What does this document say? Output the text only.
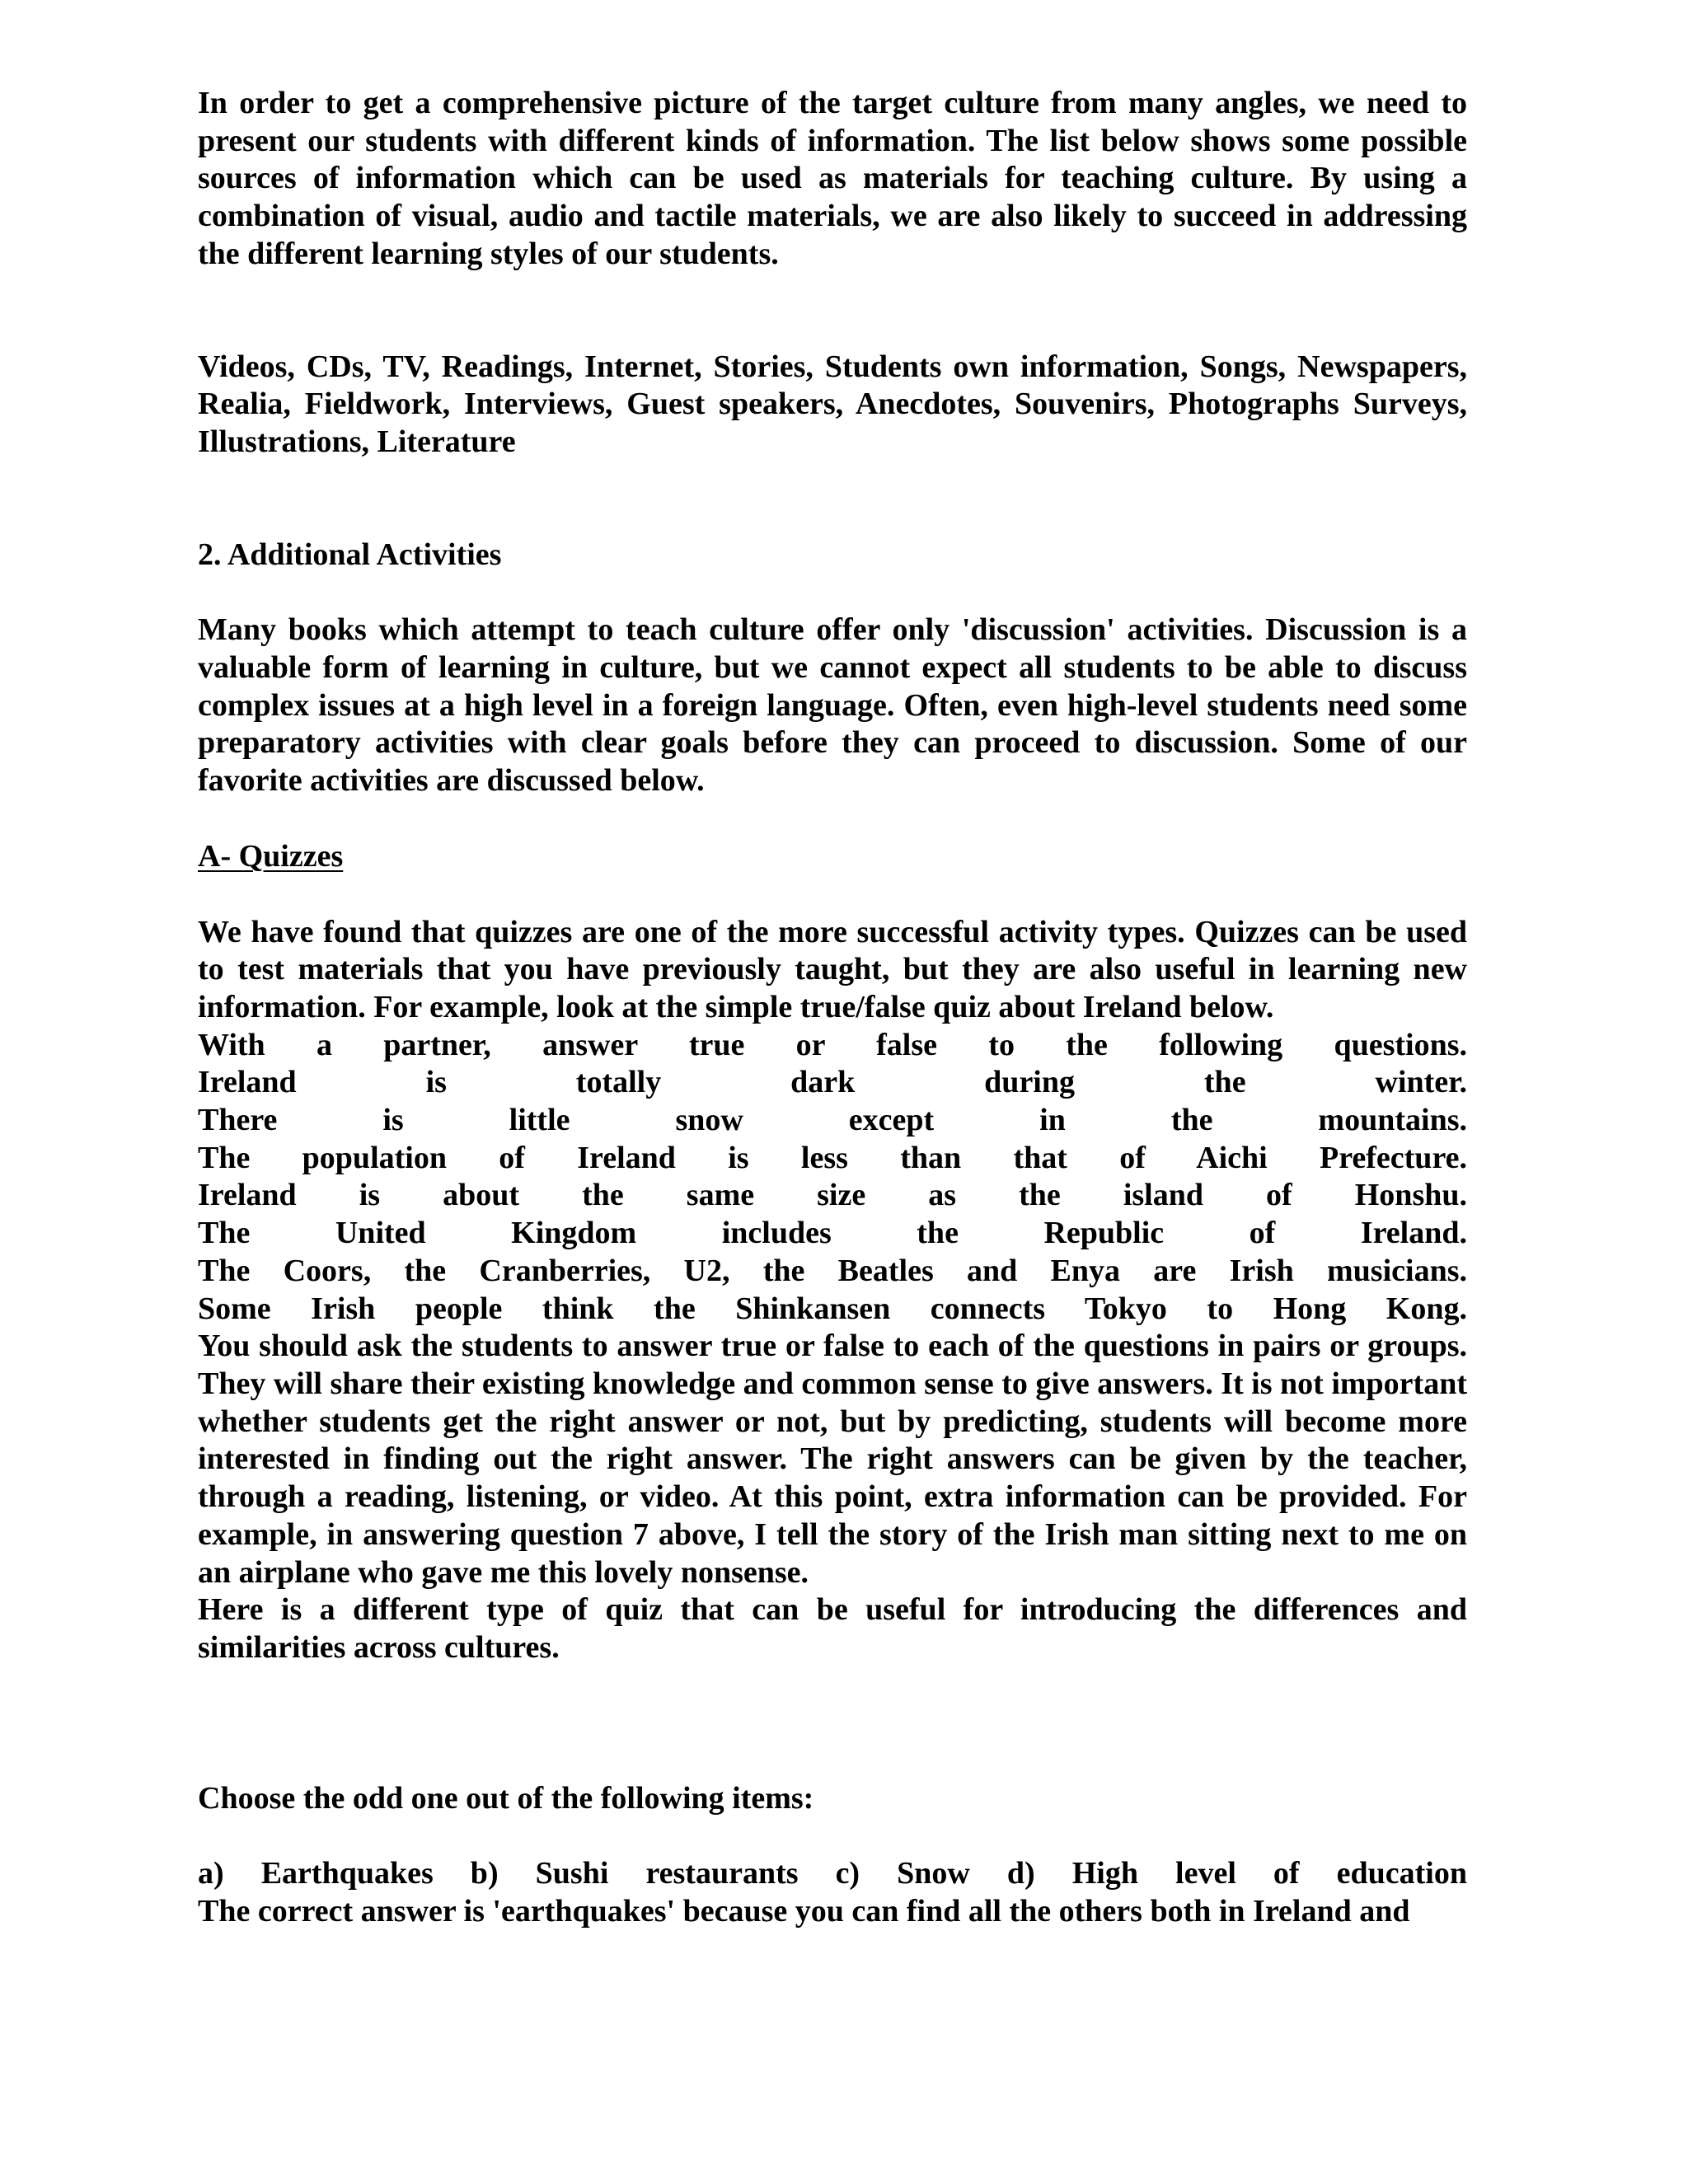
In order to get a comprehensive picture of the target culture from many angles, we need to present our students with different kinds of information. The list below shows some possible sources of information which can be used as materials for teaching culture. By using a combination of visual, audio and tactile materials, we are also likely to succeed in addressing the different learning styles of our students.

Videos, CDs, TV, Readings, Internet, Stories, Students own information, Songs, Newspapers, Realia, Fieldwork, Interviews, Guest speakers, Anecdotes, Souvenirs, Photographs Surveys, Illustrations, Literature

2. Additional Activities

Many books which attempt to teach culture offer only 'discussion' activities. Discussion is a valuable form of learning in culture, but we cannot expect all students to be able to discuss complex issues at a high level in a foreign language. Often, even high-level students need some preparatory activities with clear goals before they can proceed to discussion. Some of our favorite activities are discussed below.

A- Quizzes

We have found that quizzes are one of the more successful activity types. Quizzes can be used to test materials that you have previously taught, but they are also useful in learning new information. For example, look at the simple true/false quiz about Ireland below.

With a partner, answer true or false to the following questions.
Ireland is totally dark during the winter.
There is little snow except in the mountains.
The population of Ireland is less than that of Aichi Prefecture.
Ireland is about the same size as the island of Honshu.
The United Kingdom includes the Republic of Ireland.
The Coors, the Cranberries, U2, the Beatles and Enya are Irish musicians.
Some Irish people think the Shinkansen connects Tokyo to Hong Kong.

You should ask the students to answer true or false to each of the questions in pairs or groups. They will share their existing knowledge and common sense to give answers. It is not important whether students get the right answer or not, but by predicting, students will become more interested in finding out the right answer. The right answers can be given by the teacher, through a reading, listening, or video. At this point, extra information can be provided. For example, in answering question 7 above, I tell the story of the Irish man sitting next to me on an airplane who gave me this lovely nonsense.

Here is a different type of quiz that can be useful for introducing the differences and similarities across cultures.

Choose the odd one out of the following items:

a) Earthquakes b) Sushi restaurants c) Snow d) High level of education
The correct answer is 'earthquakes' because you can find all the others both in Ireland and
